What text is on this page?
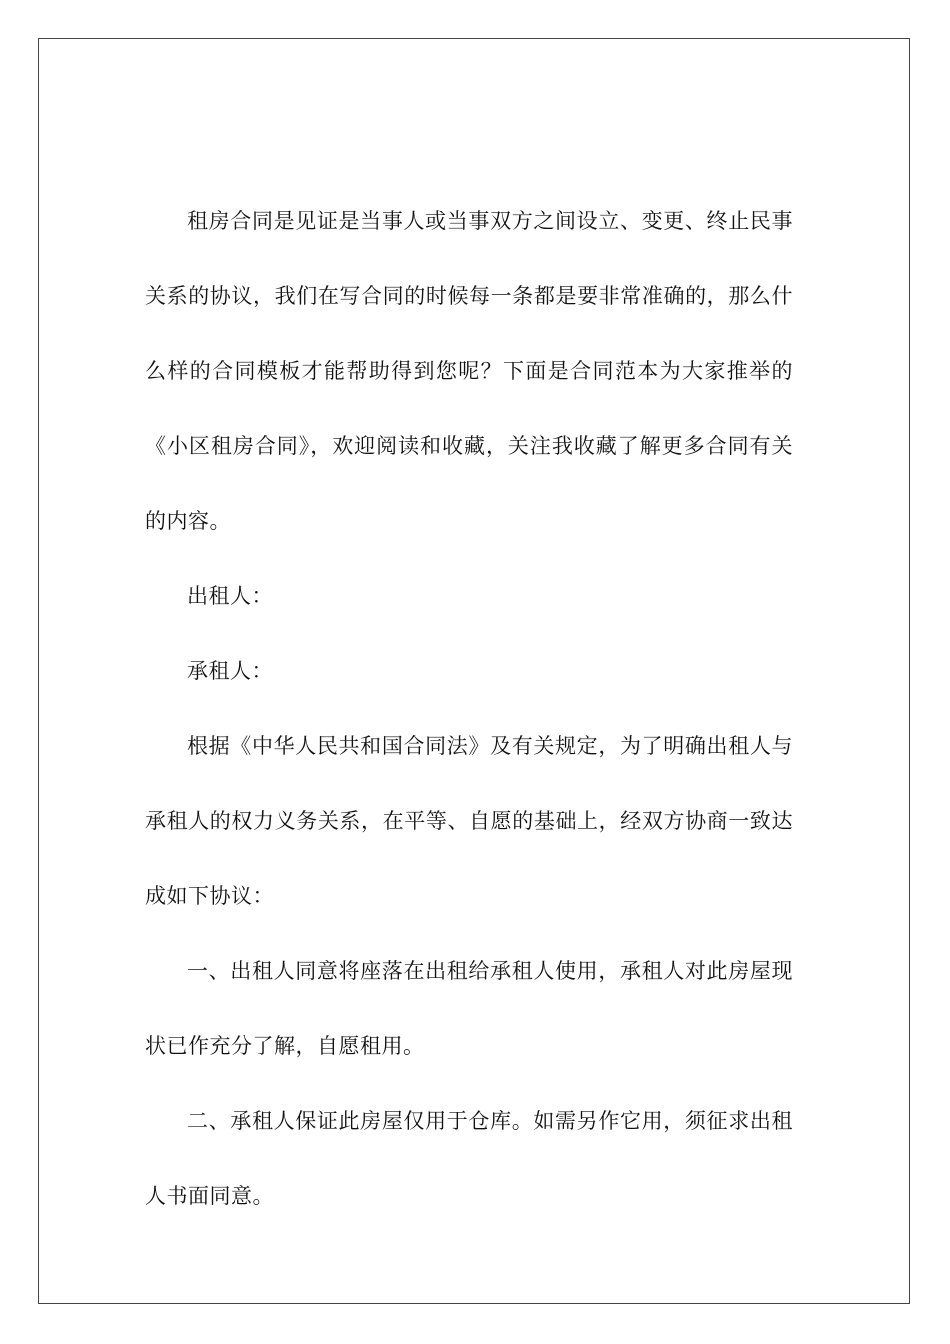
租房合同是见证是当事人或当事双方之间设立、变更、终止民事关系的协议，我们在写合同的时候每一条都是要非常准确的，那么什么样的合同模板才能帮助得到您呢？下面是合同范本为大家推举的《小区租房合同》，欢迎阅读和收藏，关注我收藏了解更多合同有关的内容。

出租人：

承租人：

根据《中华人民共和国合同法》及有关规定，为了明确出租人与承租人的权力义务关系，在平等、自愿的基础上，经双方协商一致达成如下协议：

一、出租人同意将座落在出租给承租人使用，承租人对此房屋现状已作充分了解，自愿租用。

二、承租人保证此房屋仅用于仓库。如需另作它用，须征求出租人书面同意。
